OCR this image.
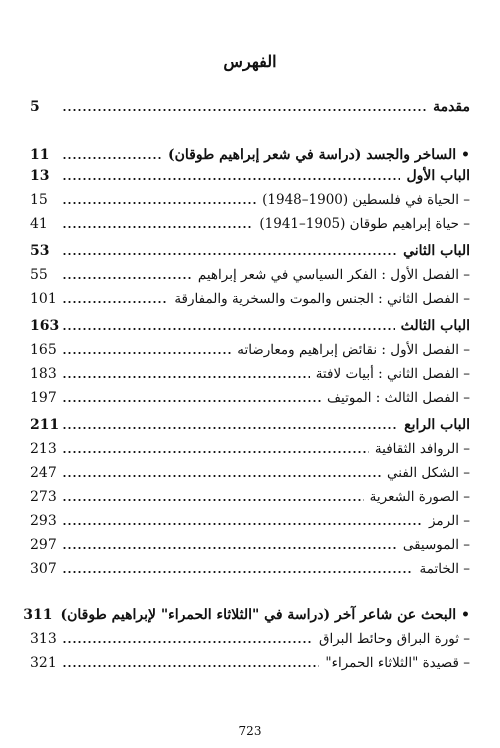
الفهرس
مقدمة
5
• الساخر والجسد (دراسة في شعر إبراهيم طوقان)
11
الباب الأول
13
– الحياة في فلسطين (1900–1948)
15
– حياة إبراهيم طوقان (1905–1941)
41
الباب الثاني
53
– الفصل الأول : الفكر السياسي في شعر إبراهيم
55
– الفصل الثاني : الجنس والموت والسخرية والمفارقة
101
الباب الثالث
163
– الفصل الأول : نقائض إبراهيم ومعارضاته
165
– الفصل الثاني : أبيات لافتة
183
– الفصل الثالث : الموتيف
197
الباب الرابع
211
– الروافد الثقافية
213
– الشكل الفني
247
– الصورة الشعرية
273
– الرمز
293
– الموسيقى
297
– الخاتمة
307
• البحث عن شاعر آخر (دراسة في "الثلاثاء الحمراء" لإبراهيم طوقان)
311
– ثورة البراق وحائط البراق
313
– قصيدة "الثلاثاء الحمراء"
321
723
